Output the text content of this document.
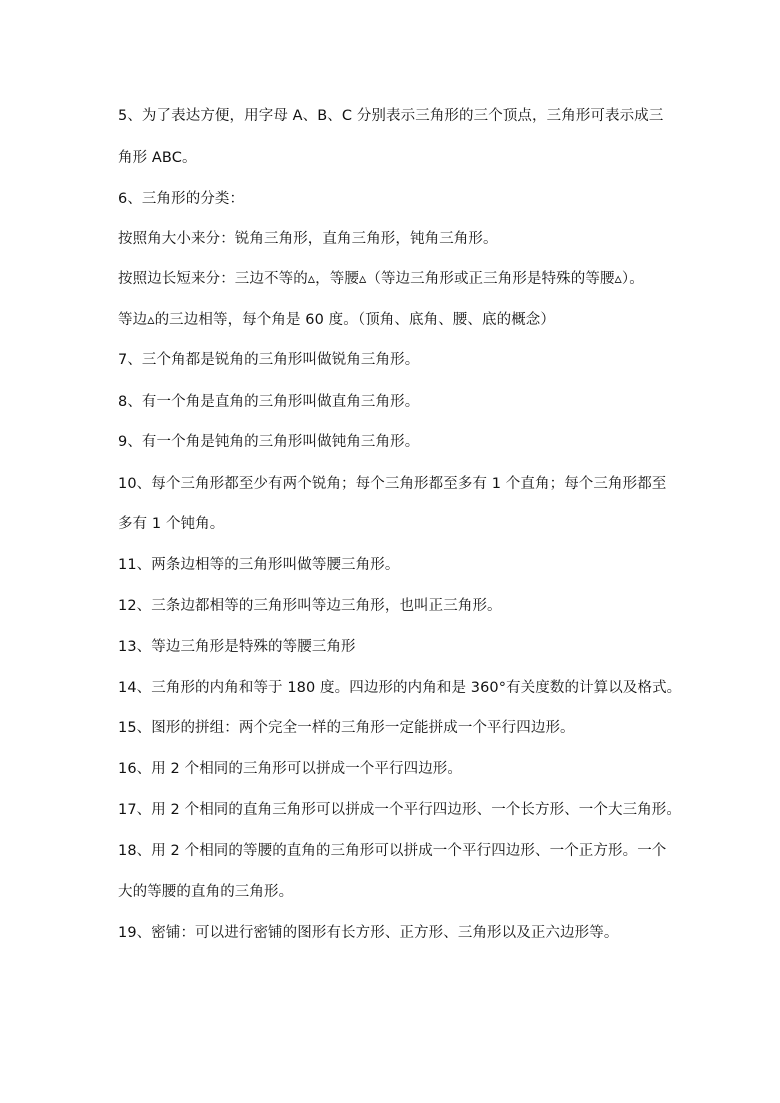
5、为了表达方便，用字母 A、B、C 分别表示三角形的三个顶点，三角形可表示成三
角形 ABC。
6、三角形的分类：
按照角大小来分：锐角三角形，直角三角形，钝角三角形。
按照边长短来分：三边不等的▵，等腰▵（等边三角形或正三角形是特殊的等腰▵）。
等边▵的三边相等，每个角是 60 度。（顶角、底角、腰、底的概念）
7、三个角都是锐角的三角形叫做锐角三角形。
8、有一个角是直角的三角形叫做直角三角形。
9、有一个角是钝角的三角形叫做钝角三角形。
10、每个三角形都至少有两个锐角；每个三角形都至多有 1 个直角；每个三角形都至
多有 1 个钝角。
11、两条边相等的三角形叫做等腰三角形。
12、三条边都相等的三角形叫等边三角形，也叫正三角形。
13、等边三角形是特殊的等腰三角形
14、三角形的内角和等于 180 度。四边形的内角和是 360°有关度数的计算以及格式。
15、图形的拼组：两个完全一样的三角形一定能拼成一个平行四边形。
16、用 2 个相同的三角形可以拼成一个平行四边形。
17、用 2 个相同的直角三角形可以拼成一个平行四边形、一个长方形、一个大三角形。
18、用 2 个相同的等腰的直角的三角形可以拼成一个平行四边形、一个正方形。一个
大的等腰的直角的三角形。
19、密铺：可以进行密铺的图形有长方形、正方形、三角形以及正六边形等。
